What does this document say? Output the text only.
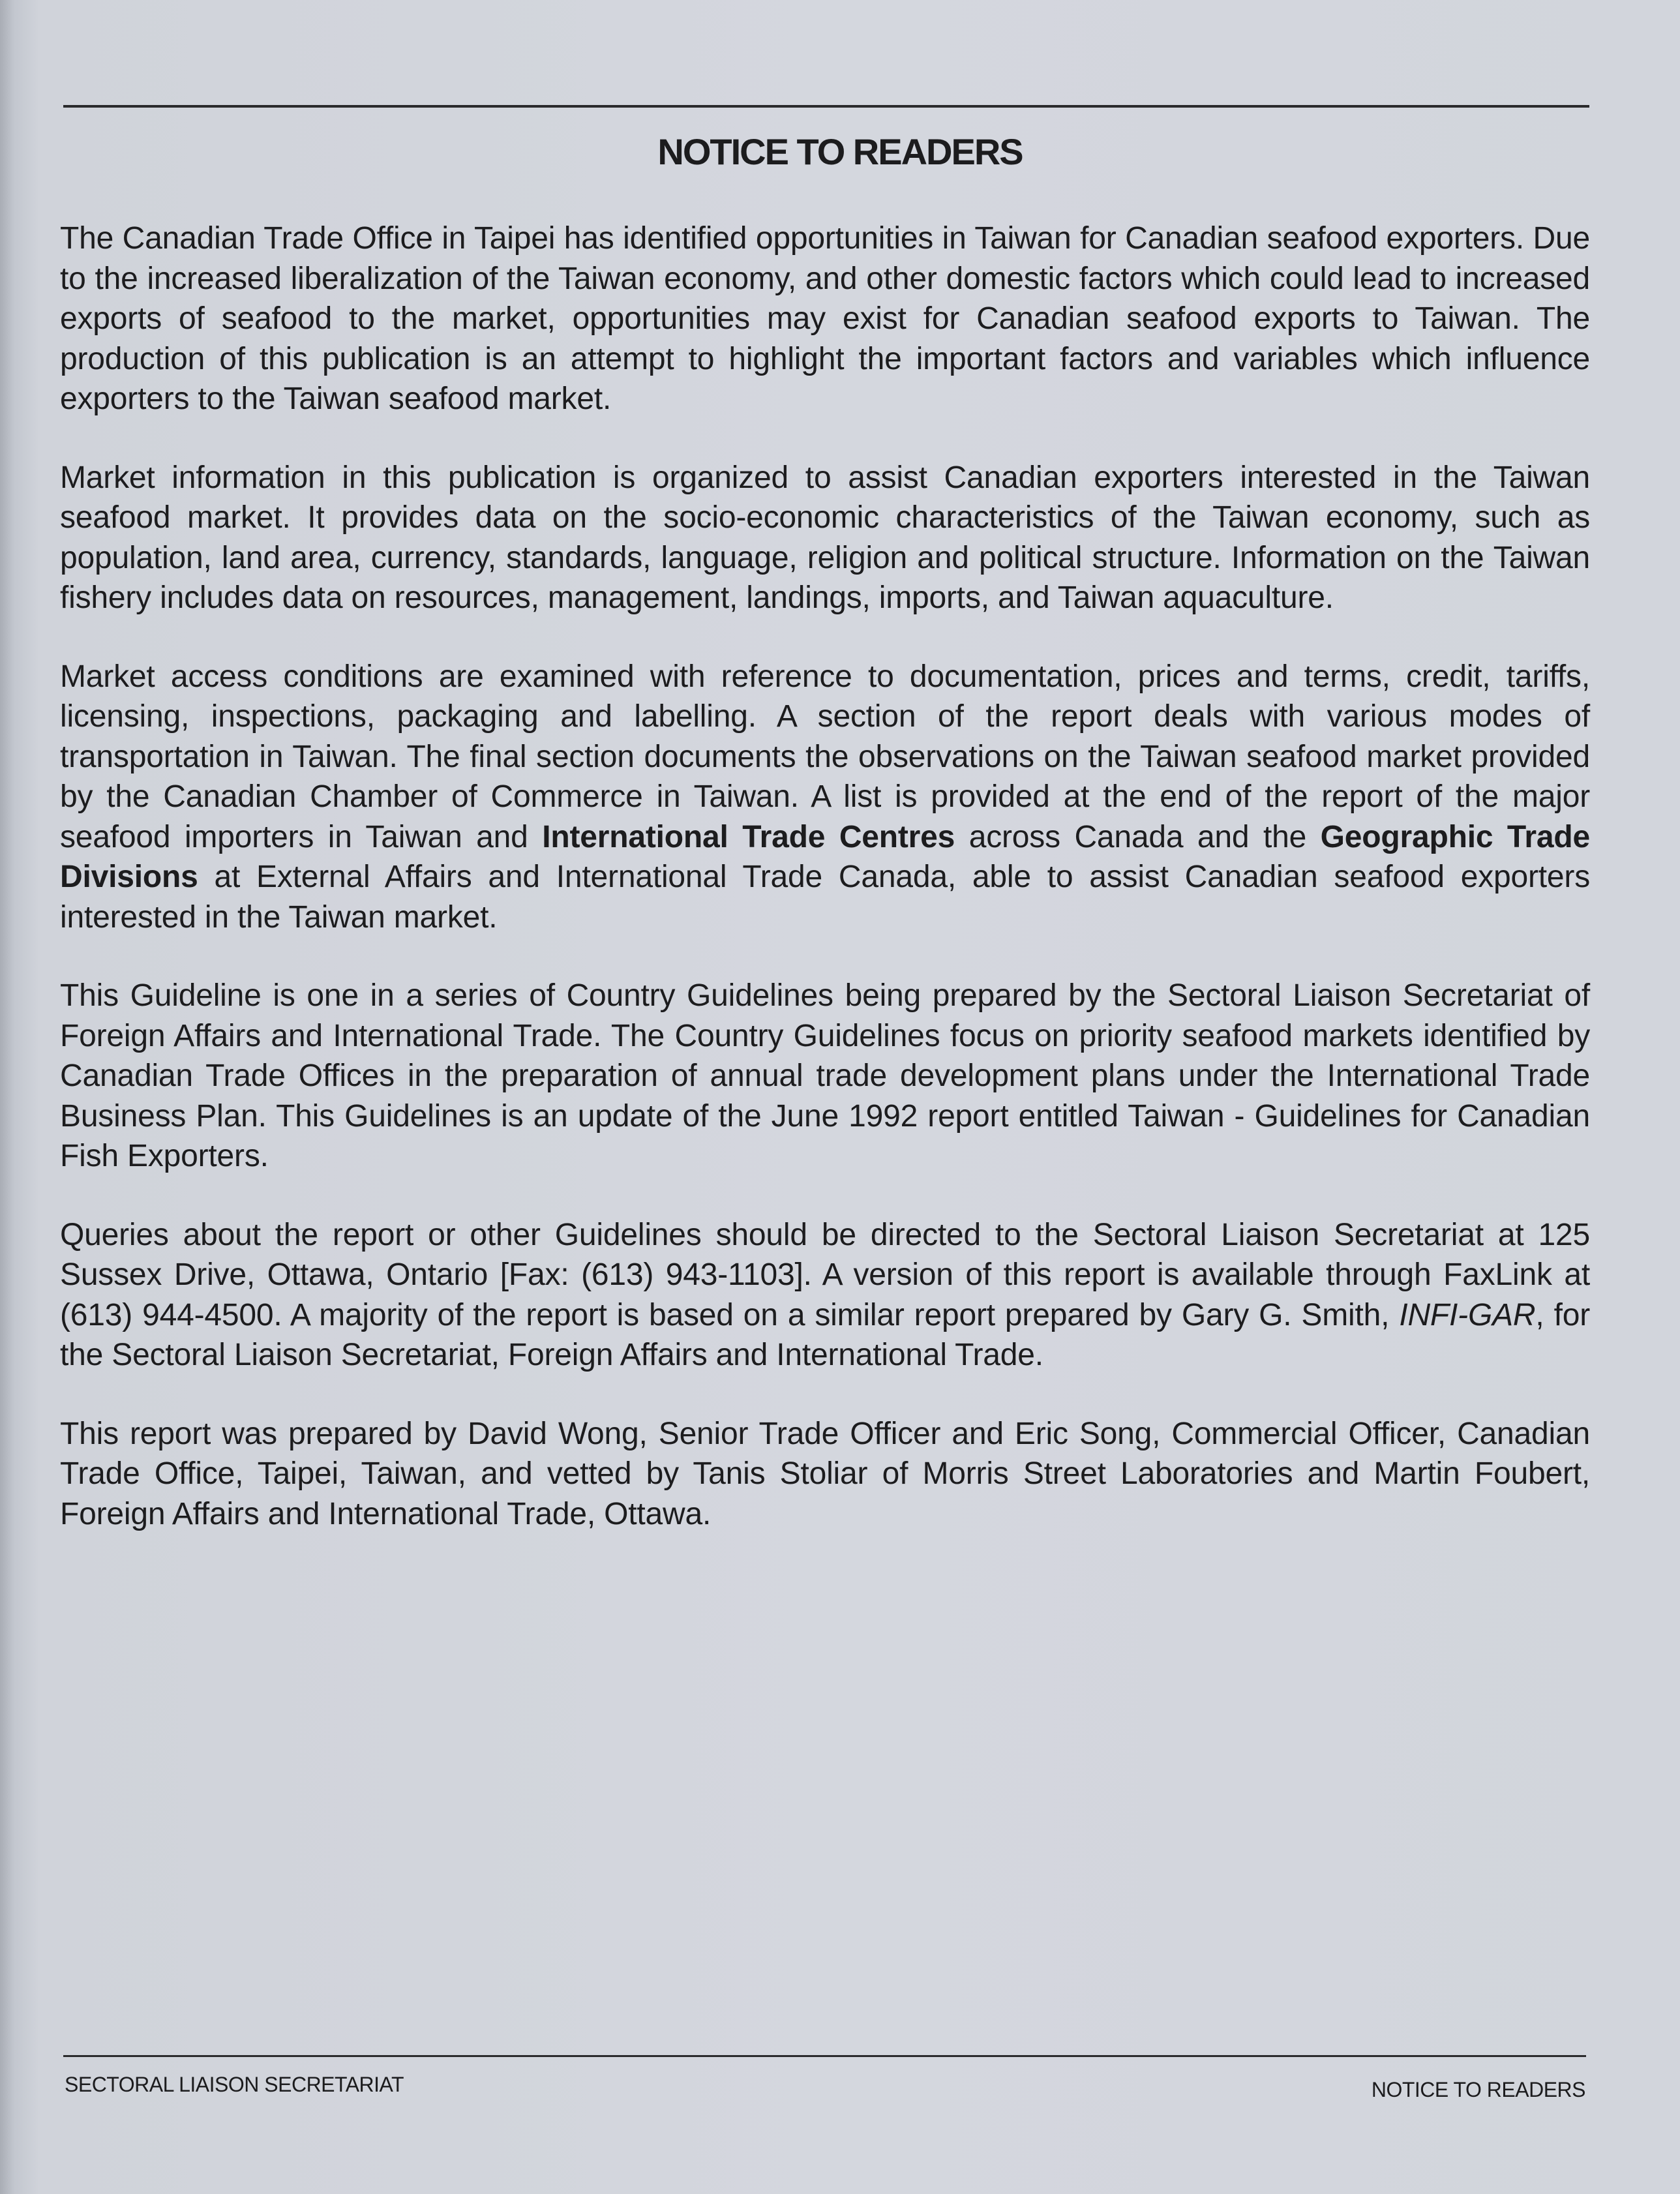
NOTICE TO READERS

The Canadian Trade Office in Taipei has identified opportunities in Taiwan for Canadian seafood exporters. Due to the increased liberalization of the Taiwan economy, and other domestic factors which could lead to increased exports of seafood to the market, opportunities may exist for Canadian seafood exports to Taiwan. The production of this publication is an attempt to highlight the important factors and variables which influence exporters to the Taiwan seafood market.

Market information in this publication is organized to assist Canadian exporters interested in the Taiwan seafood market. It provides data on the socio-economic characteristics of the Taiwan economy, such as population, land area, currency, standards, language, religion and political structure. Information on the Taiwan fishery includes data on resources, management, landings, imports, and Taiwan aquaculture.

Market access conditions are examined with reference to documentation, prices and terms, credit, tariffs, licensing, inspections, packaging and labelling. A section of the report deals with various modes of transportation in Taiwan. The final section documents the observations on the Taiwan seafood market provided by the Canadian Chamber of Commerce in Taiwan. A list is provided at the end of the report of the major seafood importers in Taiwan and International Trade Centres across Canada and the Geographic Trade Divisions at External Affairs and International Trade Canada, able to assist Canadian seafood exporters interested in the Taiwan market.

This Guideline is one in a series of Country Guidelines being prepared by the Sectoral Liaison Secretariat of Foreign Affairs and International Trade. The Country Guidelines focus on priority seafood markets identified by Canadian Trade Offices in the preparation of annual trade development plans under the International Trade Business Plan. This Guidelines is an update of the June 1992 report entitled Taiwan - Guidelines for Canadian Fish Exporters.

Queries about the report or other Guidelines should be directed to the Sectoral Liaison Secretariat at 125 Sussex Drive, Ottawa, Ontario [Fax: (613) 943-1103]. A version of this report is available through FaxLink at (613) 944-4500. A majority of the report is based on a similar report prepared by Gary G. Smith, INFI-GAR, for the Sectoral Liaison Secretariat, Foreign Affairs and International Trade.

This report was prepared by David Wong, Senior Trade Officer and Eric Song, Commercial Officer, Canadian Trade Office, Taipei, Taiwan, and vetted by Tanis Stoliar of Morris Street Laboratories and Martin Foubert, Foreign Affairs and International Trade, Ottawa.

SECTORAL LIAISON SECRETARIAT	NOTICE TO READERS
